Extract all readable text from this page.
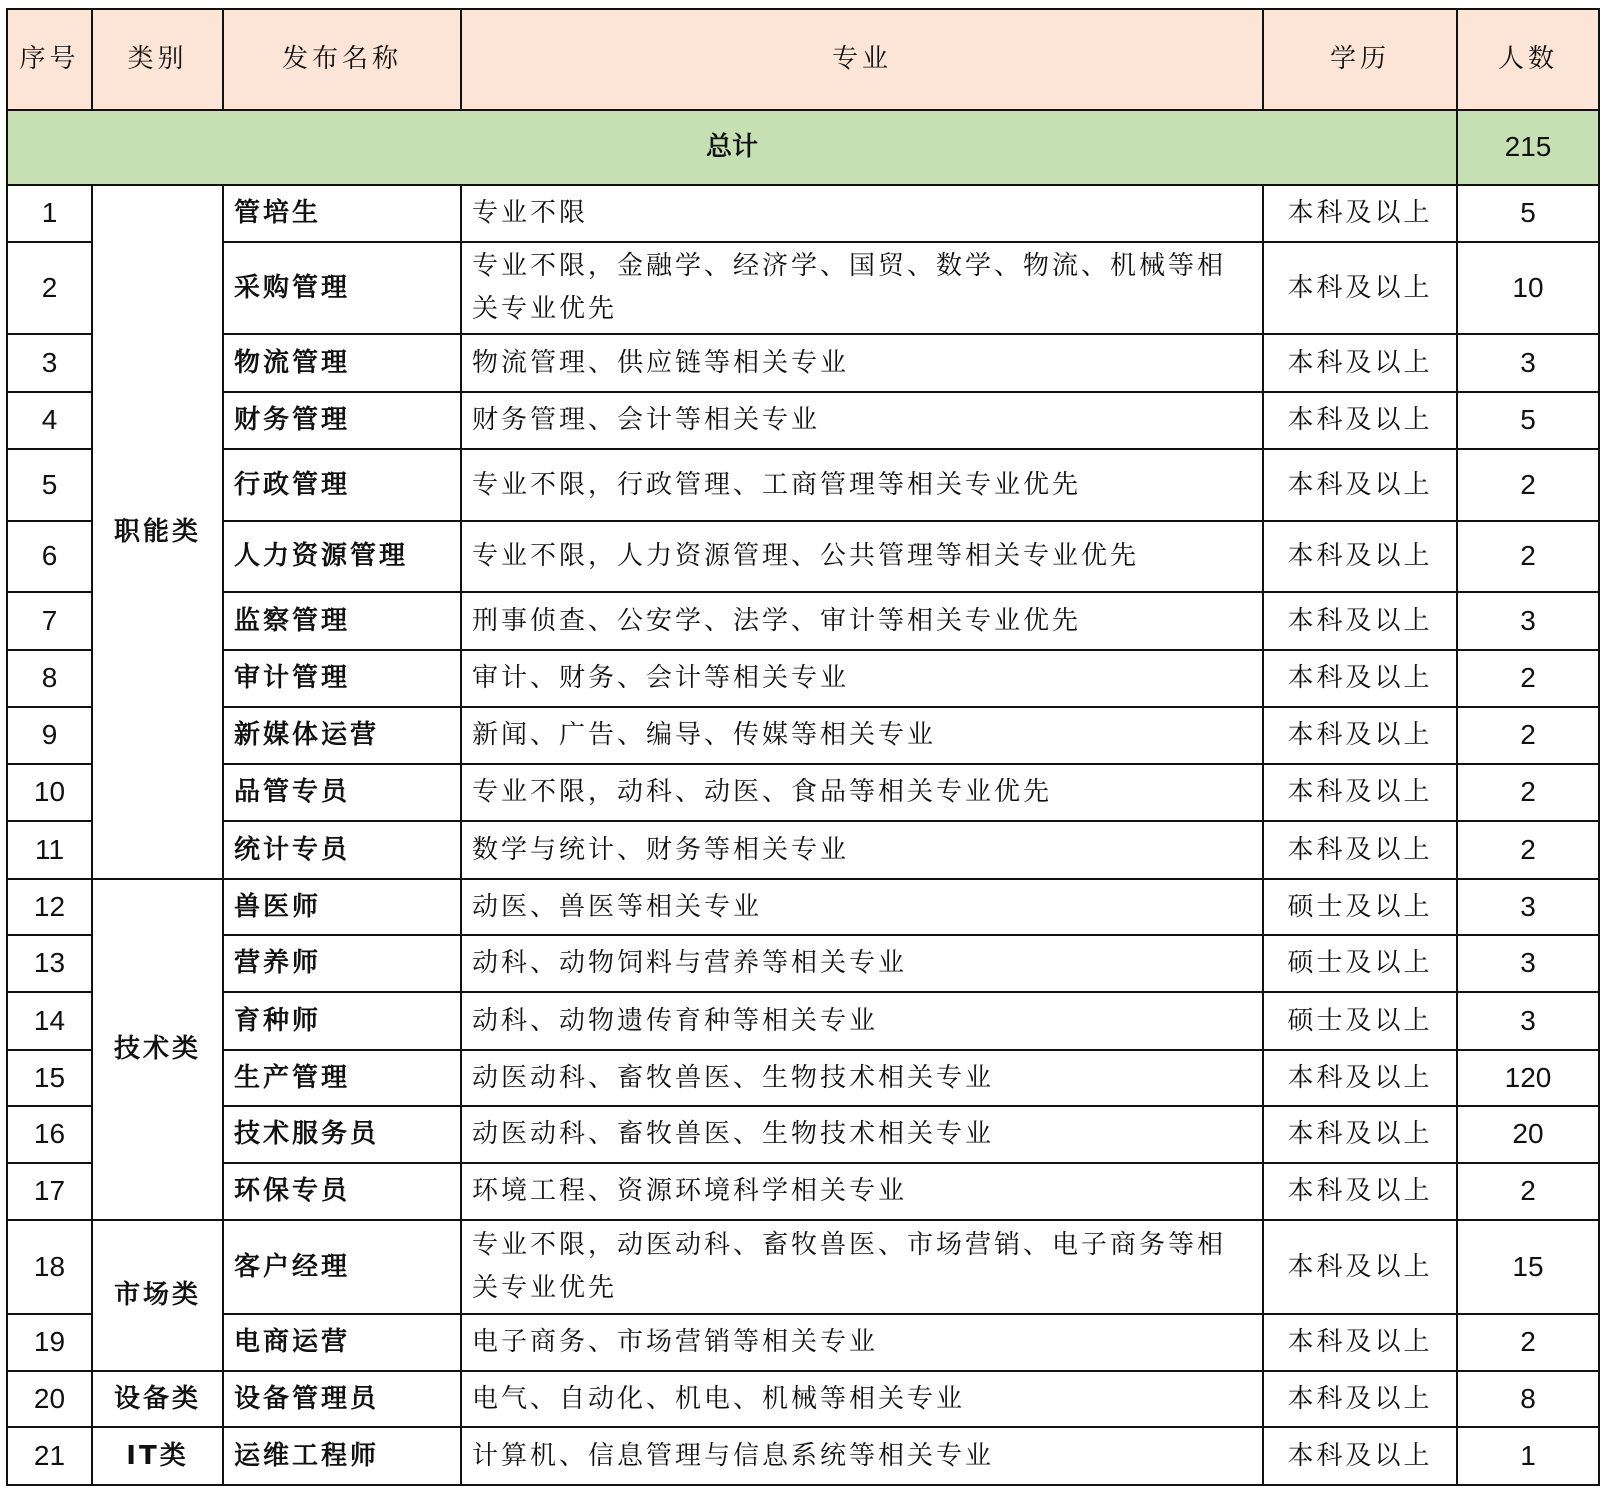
序号	类别	发布名称	专业	学历	人数
总计					215
1	职能类	管培生	专业不限	本科及以上	5
2		采购管理	专业不限，金融学、经济学、国贸、数学、物流、机械等相关专业优先	本科及以上	10
3		物流管理	物流管理、供应链等相关专业	本科及以上	3
4		财务管理	财务管理、会计等相关专业	本科及以上	5
5		行政管理	专业不限，行政管理、工商管理等相关专业优先	本科及以上	2
6		人力资源管理	专业不限，人力资源管理、公共管理等相关专业优先	本科及以上	2
7		监察管理	刑事侦查、公安学、法学、审计等相关专业优先	本科及以上	3
8		审计管理	审计、财务、会计等相关专业	本科及以上	2
9		新媒体运营	新闻、广告、编导、传媒等相关专业	本科及以上	2
10		品管专员	专业不限，动科、动医、食品等相关专业优先	本科及以上	2
11		统计专员	数学与统计、财务等相关专业	本科及以上	2
12	技术类	兽医师	动医、兽医等相关专业	硕士及以上	3
13		营养师	动科、动物饲料与营养等相关专业	硕士及以上	3
14		育种师	动科、动物遗传育种等相关专业	硕士及以上	3
15		生产管理	动医动科、畜牧兽医、生物技术相关专业	本科及以上	120
16		技术服务员	动医动科、畜牧兽医、生物技术相关专业	本科及以上	20
17		环保专员	环境工程、资源环境科学相关专业	本科及以上	2
18	市场类	客户经理	专业不限，动医动科、畜牧兽医、市场营销、电子商务等相关专业优先	本科及以上	15
19		电商运营	电子商务、市场营销等相关专业	本科及以上	2
20	设备类	设备管理员	电气、自动化、机电、机械等相关专业	本科及以上	8
21	IT类	运维工程师	计算机、信息管理与信息系统等相关专业	本科及以上	1
